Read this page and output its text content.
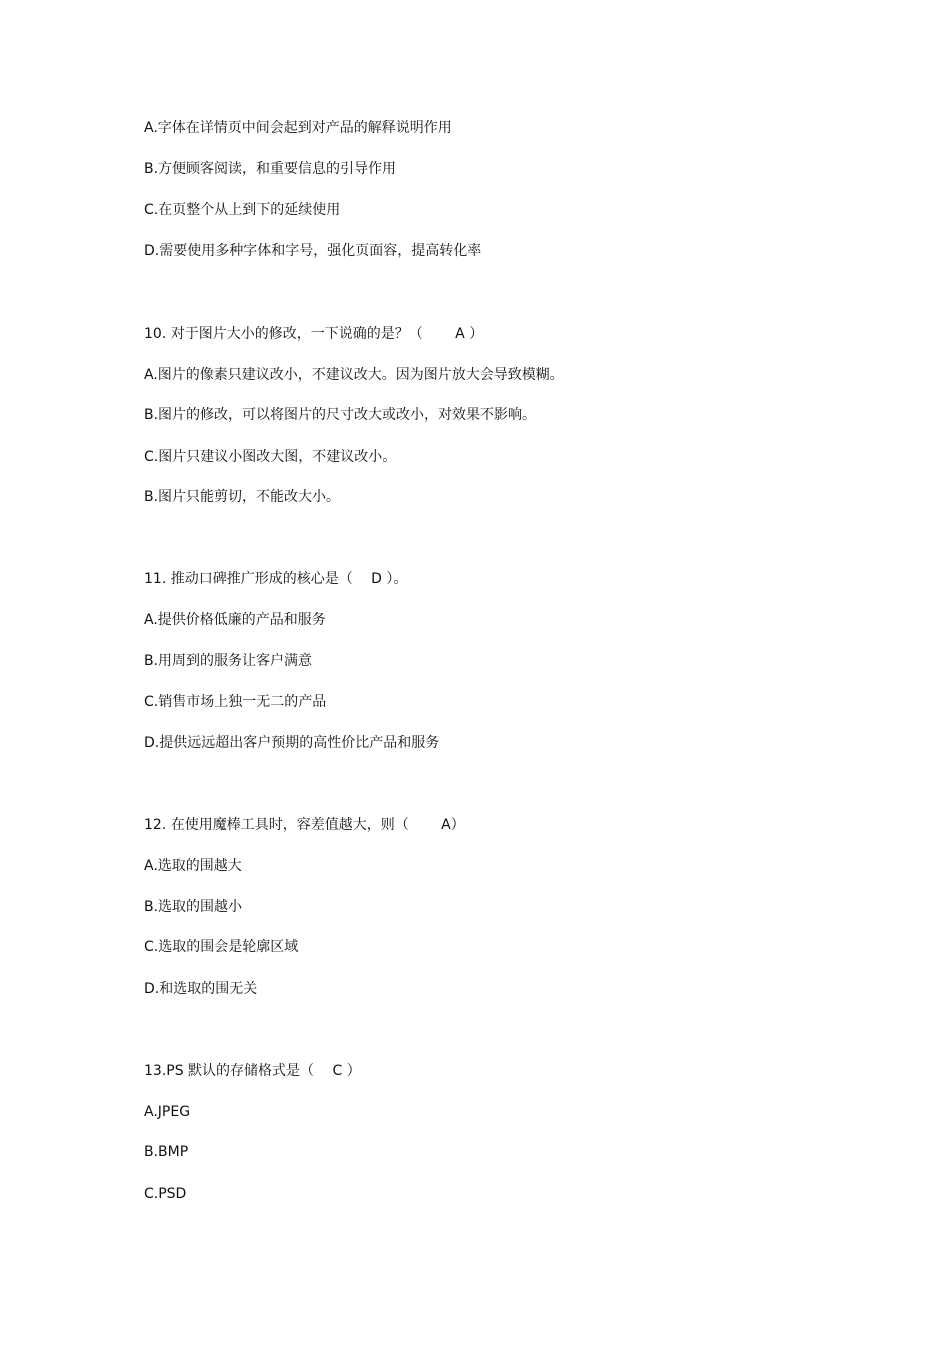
A.字体在详情页中间会起到对产品的解释说明作用

B.方便顾客阅读，和重要信息的引导作用

C.在页整个从上到下的延续使用

D.需要使用多种字体和字号，强化页面容，提高转化率

10. 对于图片大小的修改，一下说确的是？（　　 A ）

A.图片的像素只建议改小，不建议改大。因为图片放大会导致模糊。

B.图片的修改，可以将图片的尺寸改大或改小，对效果不影响。

C.图片只建议小图改大图，不建议改小。

B.图片只能剪切，不能改大小。

11. 推动口碑推广形成的核心是（　 D ）。

A.提供价格低廉的产品和服务

B.用周到的服务让客户满意

C.销售市场上独一无二的产品

D.提供远远超出客户预期的高性价比产品和服务

12. 在使用魔棒工具时，容差值越大，则（　　 A）

A.选取的围越大

B.选取的围越小

C.选取的围会是轮廓区域

D.和选取的围无关

13.PS 默认的存储格式是（　 C ）

A.JPEG

B.BMP

C.PSD
